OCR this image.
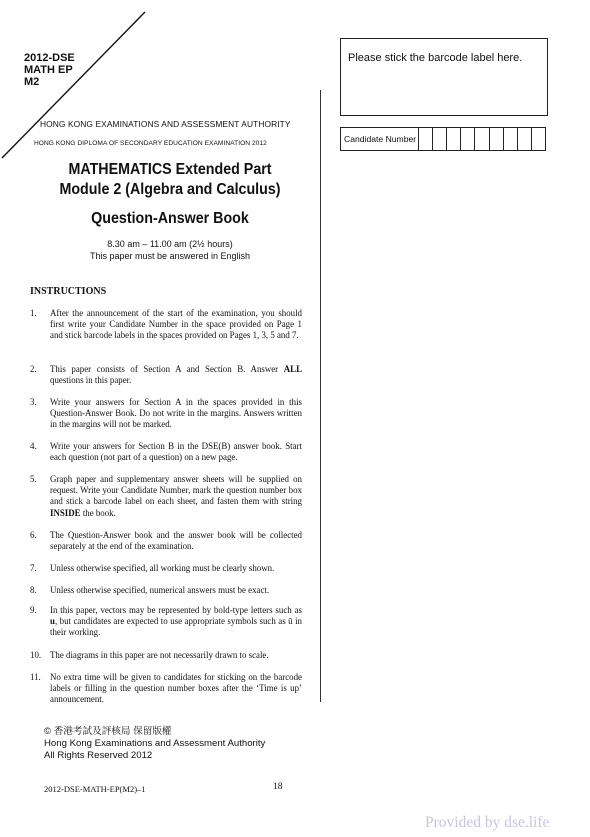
2012-DSE
MATH EP
M2
HONG KONG EXAMINATIONS AND ASSESSMENT AUTHORITY
HONG KONG DIPLOMA OF SECONDARY EDUCATION EXAMINATION 2012
MATHEMATICS Extended Part
Module 2 (Algebra and Calculus)
Question-Answer Book
8.30 am – 11.00 am (2½ hours)
This paper must be answered in English
Please stick the barcode label here.
Candidate Number
INSTRUCTIONS
1. After the announcement of the start of the examination, you should first write your Candidate Number in the space provided on Page 1 and stick barcode labels in the spaces provided on Pages 1, 3, 5 and 7.
2. This paper consists of Section A and Section B. Answer ALL questions in this paper.
3. Write your answers for Section A in the spaces provided in this Question-Answer Book. Do not write in the margins. Answers written in the margins will not be marked.
4. Write your answers for Section B in the DSE(B) answer book. Start each question (not part of a question) on a new page.
5. Graph paper and supplementary answer sheets will be supplied on request. Write your Candidate Number, mark the question number box and stick a barcode label on each sheet, and fasten them with string INSIDE the book.
6. The Question-Answer book and the answer book will be collected separately at the end of the examination.
7. Unless otherwise specified, all working must be clearly shown.
8. Unless otherwise specified, numerical answers must be exact.
9. In this paper, vectors may be represented by bold-type letters such as u, but candidates are expected to use appropriate symbols such as ū in their working.
10. The diagrams in this paper are not necessarily drawn to scale.
11. No extra time will be given to candidates for sticking on the barcode labels or filling in the question number boxes after the ‘Time is up’ announcement.
© 香港考試及評核局 保留版權
Hong Kong Examinations and Assessment Authority
All Rights Reserved 2012
2012-DSE-MATH-EP(M2)–1	18
Provided by dse.life
